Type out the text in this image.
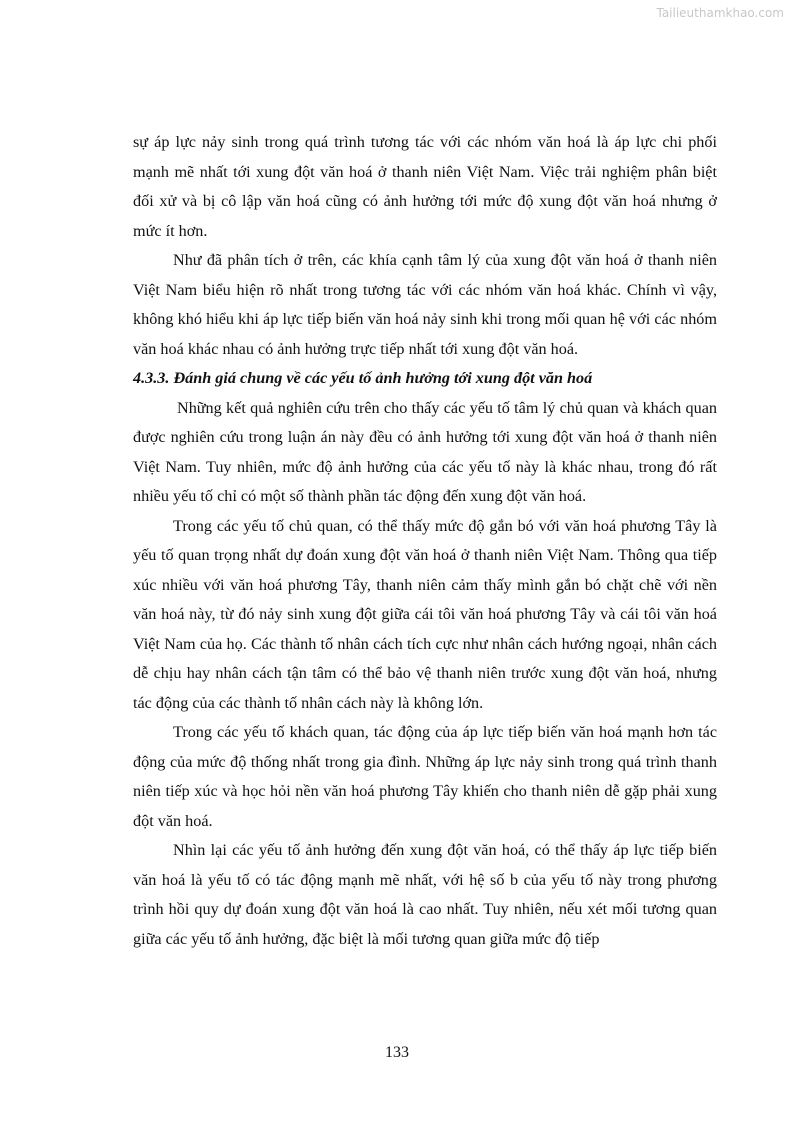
Tailieuthamkhao.com

sự áp lực nảy sinh trong quá trình tương tác với các nhóm văn hoá là áp lực chi phối mạnh mẽ nhất tới xung đột văn hoá ở thanh niên Việt Nam. Việc trải nghiệm phân biệt đối xử và bị cô lập văn hoá cũng có ảnh hưởng tới mức độ xung đột văn hoá nhưng ở mức ít hơn.

Như đã phân tích ở trên, các khía cạnh tâm lý của xung đột văn hoá ở thanh niên Việt Nam biểu hiện rõ nhất trong tương tác với các nhóm văn hoá khác. Chính vì vậy, không khó hiểu khi áp lực tiếp biến văn hoá nảy sinh khi trong mối quan hệ với các nhóm văn hoá khác nhau có ảnh hưởng trực tiếp nhất tới xung đột văn hoá.

4.3.3. Đánh giá chung về các yếu tố ảnh hưởng tới xung đột văn hoá

Những kết quả nghiên cứu trên cho thấy các yếu tố tâm lý chủ quan và khách quan được nghiên cứu trong luận án này đều có ảnh hưởng tới xung đột văn hoá ở thanh niên Việt Nam. Tuy nhiên, mức độ ảnh hưởng của các yếu tố này là khác nhau, trong đó rất nhiều yếu tố chỉ có một số thành phần tác động đến xung đột văn hoá.

Trong các yếu tố chủ quan, có thể thấy mức độ gắn bó với văn hoá phương Tây là yếu tố quan trọng nhất dự đoán xung đột văn hoá ở thanh niên Việt Nam. Thông qua tiếp xúc nhiều với văn hoá phương Tây, thanh niên cảm thấy mình gắn bó chặt chẽ với nền văn hoá này, từ đó nảy sinh xung đột giữa cái tôi văn hoá phương Tây và cái tôi văn hoá Việt Nam của họ. Các thành tố nhân cách tích cực như nhân cách hướng ngoại, nhân cách dễ chịu hay nhân cách tận tâm có thể bảo vệ thanh niên trước xung đột văn hoá, nhưng tác động của các thành tố nhân cách này là không lớn.

Trong các yếu tố khách quan, tác động của áp lực tiếp biến văn hoá mạnh hơn tác động của mức độ thống nhất trong gia đình. Những áp lực nảy sinh trong quá trình thanh niên tiếp xúc và học hỏi nền văn hoá phương Tây khiến cho thanh niên dễ gặp phải xung đột văn hoá.

Nhìn lại các yếu tố ảnh hưởng đến xung đột văn hoá, có thể thấy áp lực tiếp biến văn hoá là yếu tố có tác động mạnh mẽ nhất, với hệ số b của yếu tố này trong phương trình hồi quy dự đoán xung đột văn hoá là cao nhất. Tuy nhiên, nếu xét mối tương quan giữa các yếu tố ảnh hưởng, đặc biệt là mối tương quan giữa mức độ tiếp

133
